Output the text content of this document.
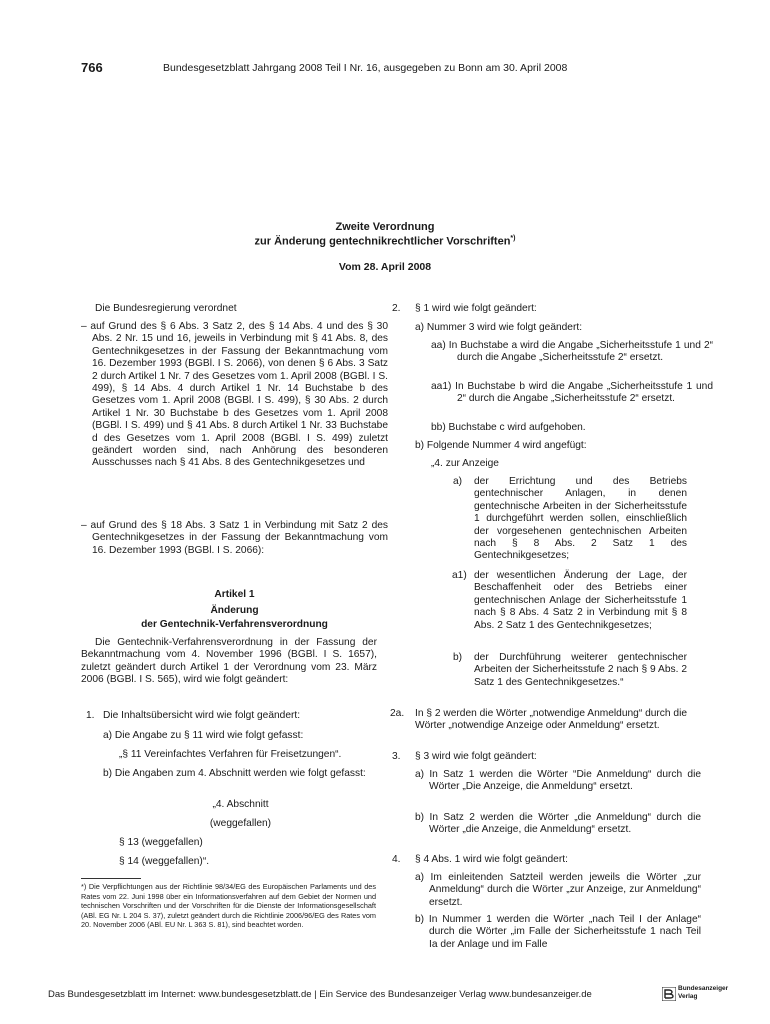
766	Bundesgesetzblatt Jahrgang 2008 Teil I Nr. 16, ausgegeben zu Bonn am 30. April 2008
Zweite Verordnung
zur Änderung gentechnikrechtlicher Vorschriften*)
Vom 28. April 2008

Die Bundesregierung verordnet

– auf Grund des § 6 Abs. 3 Satz 2, des § 14 Abs. 4 und des § 30 Abs. 2 Nr. 15 und 16, jeweils in Verbindung mit § 41 Abs. 8, des Gentechnikgesetzes in der Fassung der Bekanntmachung vom 16. Dezember 1993 (BGBl. I S. 2066), von denen § 6 Abs. 3 Satz 2 durch Artikel 1 Nr. 7 des Gesetzes vom 1. April 2008 (BGBl. I S. 499), § 14 Abs. 4 durch Artikel 1 Nr. 14 Buchstabe b des Gesetzes vom 1. April 2008 (BGBl. I S. 499), § 30 Abs. 2 durch Artikel 1 Nr. 30 Buchstabe b des Gesetzes vom 1. April 2008 (BGBl. I S. 499) und § 41 Abs. 8 durch Artikel 1 Nr. 33 Buchstabe d des Gesetzes vom 1. April 2008 (BGBl. I S. 499) zuletzt geändert worden sind, nach Anhörung des besonderen Ausschusses nach § 41 Abs. 8 des Gentechnikgesetzes und

– auf Grund des § 18 Abs. 3 Satz 1 in Verbindung mit Satz 2 des Gentechnikgesetzes in der Fassung der Bekanntmachung vom 16. Dezember 1993 (BGBl. I S. 2066):

Artikel 1
Änderung
der Gentechnik-Verfahrensverordnung

Die Gentechnik-Verfahrensverordnung in der Fassung der Bekanntmachung vom 4. November 1996 (BGBl. I S. 1657), zuletzt geändert durch Artikel 1 der Verordnung vom 23. März 2006 (BGBl. I S. 565), wird wie folgt geändert:

1. Die Inhaltsübersicht wird wie folgt geändert:
a) Die Angabe zu § 11 wird wie folgt gefasst:
„§ 11 Vereinfachtes Verfahren für Freisetzungen“.

b) Die Angaben zum 4. Abschnitt werden wie folgt gefasst:

„4. Abschnitt
(weggefallen)
§ 13 (weggefallen)
§ 14 (weggefallen)“.

*) Die Verpflichtungen aus der Richtlinie 98/34/EG des Europäischen Parlaments und des Rates vom 22. Juni 1998 über ein Informationsverfahren auf dem Gebiet der Normen und technischen Vorschriften und der Vorschriften für die Dienste der Informationsgesellschaft (ABl. EG Nr. L 204 S. 37), zuletzt geändert durch die Richtlinie 2006/96/EG des Rates vom 20. November 2006 (ABl. EU Nr. L 363 S. 81), sind beachtet worden.

2. § 1 wird wie folgt geändert:
a) Nummer 3 wird wie folgt geändert:

aa) In Buchstabe a wird die Angabe „Sicherheitsstufe 1 und 2“ durch die Angabe „Sicherheitsstufe 2“ ersetzt.

aa1) In Buchstabe b wird die Angabe „Sicherheitsstufe 1 und 2“ durch die Angabe „Sicherheitsstufe 2“ ersetzt.

bb) Buchstabe c wird aufgehoben.
b) Folgende Nummer 4 wird angefügt:
„4. zur Anzeige
a) der Errichtung und des Betriebs gentechnischer Anlagen, in denen gentechnische Arbeiten in der Sicherheitsstufe 1 durchgeführt werden sollen, einschließlich der vorgesehenen gentechnischen Arbeiten nach § 8 Abs. 2 Satz 1 des Gentechnikgesetzes;

a1) der wesentlichen Änderung der Lage, der Beschaffenheit oder des Betriebs einer gentechnischen Anlage der Sicherheitsstufe 1 nach § 8 Abs. 4 Satz 2 in Verbindung mit § 8 Abs. 2 Satz 1 des Gentechnikgesetzes;

b) der Durchführung weiterer gentechnischer Arbeiten der Sicherheitsstufe 2 nach § 9 Abs. 2 Satz 1 des Gentechnikgesetzes.“

2a. In § 2 werden die Wörter „notwendige Anmeldung“ durch die Wörter „notwendige Anzeige oder Anmeldung“ ersetzt.

3. § 3 wird wie folgt geändert:

a) In Satz 1 werden die Wörter “Die Anmeldung“ durch die Wörter „Die Anzeige, die Anmeldung“ ersetzt.

b) In Satz 2 werden die Wörter „die Anmeldung“ durch die Wörter „die Anzeige, die Anmeldung“ ersetzt.

4. § 4 Abs. 1 wird wie folgt geändert:

a) Im einleitenden Satzteil werden jeweils die Wörter „zur Anmeldung“ durch die Wörter „zur Anzeige, zur Anmeldung“ ersetzt.

b) In Nummer 1 werden die Wörter „nach Teil I der Anlage“ durch die Wörter „im Falle der Sicherheitsstufe 1 nach Teil Ia der Anlage und im Falle

Das Bundesgesetzblatt im Internet: www.bundesgesetzblatt.de | Ein Service des Bundesanzeiger Verlag www.bundesanzeiger.de
Bundesanzeiger
Verlag
